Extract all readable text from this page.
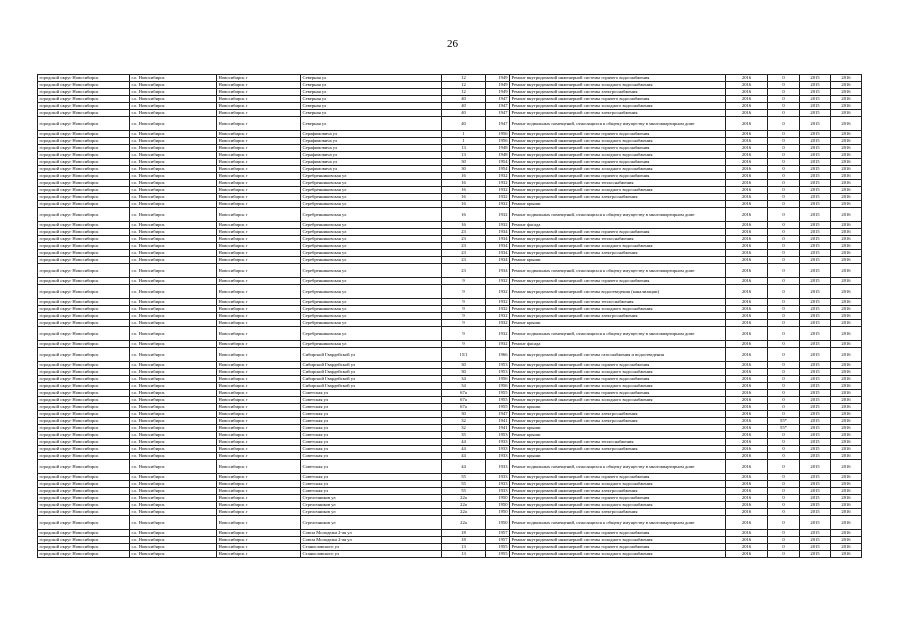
26
городской округ Новосибирск	г.о. Новосибирск	Новосибирск г	Северная ул	12	1949	Ремонт внутридомовой инженерной системы горячего водоснабжения	2016	0	2015	2016
городской округ Новосибирск	г.о. Новосибирск	Новосибирск г	Северная ул	12	1949	Ремонт внутридомовой инженерной системы холодного водоснабжения	2016	0	2015	2016
городской округ Новосибирск	г.о. Новосибирск	Новосибирск г	Северная ул	12	1949	Ремонт внутридомовой инженерной системы электроснабжения	2016	0	2015	2016
городской округ Новосибирск	г.о. Новосибирск	Новосибирск г	Северная ул	40	1947	Ремонт внутридомовой инженерной системы горячего водоснабжения	2016	0	2015	2016
городской округ Новосибирск	г.о. Новосибирск	Новосибирск г	Северная ул	40	1947	Ремонт внутридомовой инженерной системы холодного водоснабжения	2016	0	2015	2016
городской округ Новосибирск	г.о. Новосибирск	Новосибирск г	Северная ул	40	1947	Ремонт внутридомовой инженерной системы электроснабжения	2016	0	2015	2016
городской округ Новосибирск	г.о. Новосибирск	Новосибирск г	Северная ул	40	1947	Ремонт подвальных помещений, относящихся к общему имуществу в многоквартирном доме	2016	0	2015	2016
городской округ Новосибирск	г.о. Новосибирск	Новосибирск г	Серафимовича ул	1	1956	Ремонт внутридомовой инженерной системы горячего водоснабжения	2016	0	2015	2016
городской округ Новосибирск	г.о. Новосибирск	Новосибирск г	Серафимовича ул	1	1956	Ремонт внутридомовой инженерной системы холодного водоснабжения	2016	0	2015	2016
городской округ Новосибирск	г.о. Новосибирск	Новосибирск г	Серафимовича ул	13	1948	Ремонт внутридомовой инженерной системы горячего водоснабжения	2016	0	2015	2016
городской округ Новосибирск	г.о. Новосибирск	Новосибирск г	Серафимовича ул	13	1948	Ремонт внутридомовой инженерной системы холодного водоснабжения	2016	0	2015	2016
городской округ Новосибирск	г.о. Новосибирск	Новосибирск г	Серафимовича ул	30	1954	Ремонт внутридомовой инженерной системы горячего водоснабжения	2016	0	2015	2016
городской округ Новосибирск	г.о. Новосибирск	Новосибирск г	Серафимовича ул	30	1954	Ремонт внутридомовой инженерной системы холодного водоснабжения	2016	0	2015	2016
городской округ Новосибирск	г.о. Новосибирск	Новосибирск г	Серебренниковская ул	16	1932	Ремонт внутридомовой инженерной системы горячего водоснабжения	2016	0	2015	2016
городской округ Новосибирск	г.о. Новосибирск	Новосибирск г	Серебренниковская ул	16	1932	Ремонт внутридомовой инженерной системы теплоснабжения	2016	0	2015	2016
городской округ Новосибирск	г.о. Новосибирск	Новосибирск г	Серебренниковская ул	16	1932	Ремонт внутридомовой инженерной системы холодного водоснабжения	2016	0	2015	2016
городской округ Новосибирск	г.о. Новосибирск	Новосибирск г	Серебренниковская ул	16	1932	Ремонт внутридомовой инженерной системы электроснабжения	2016	0	2015	2016
городской округ Новосибирск	г.о. Новосибирск	Новосибирск г	Серебренниковская ул	16	1932	Ремонт крыши	2016	0	2015	2016
городской округ Новосибирск	г.о. Новосибирск	Новосибирск г	Серебренниковская ул	16	1932	Ремонт подвальных помещений, относящихся к общему имуществу в многоквартирном доме	2016	0	2015	2016
городской округ Новосибирск	г.о. Новосибирск	Новосибирск г	Серебренниковская ул	16	1932	Ремонт фасада	2016	0	2015	2016
городской округ Новосибирск	г.о. Новосибирск	Новосибирск г	Серебренниковская ул	23	1934	Ремонт внутридомовой инженерной системы горячего водоснабжения	2016	0	2015	2016
городской округ Новосибирск	г.о. Новосибирск	Новосибирск г	Серебренниковская ул	23	1934	Ремонт внутридомовой инженерной системы теплоснабжения	2016	0	2015	2016
городской округ Новосибирск	г.о. Новосибирск	Новосибирск г	Серебренниковская ул	23	1934	Ремонт внутридомовой инженерной системы холодного водоснабжения	2016	0	2015	2016
городской округ Новосибирск	г.о. Новосибирск	Новосибирск г	Серебренниковская ул	23	1934	Ремонт внутридомовой инженерной системы электроснабжения	2016	0	2015	2016
городской округ Новосибирск	г.о. Новосибирск	Новосибирск г	Серебренниковская ул	23	1934	Ремонт крыши	2016	0	2015	2016
городской округ Новосибирск	г.о. Новосибирск	Новосибирск г	Серебренниковская ул	23	1934	Ремонт подвальных помещений, относящихся к общему имуществу в многоквартирном доме	2016	0	2015	2016
городской округ Новосибирск	г.о. Новосибирск	Новосибирск г	Серебренниковская ул	9	1932	Ремонт внутридомовой инженерной системы горячего водоснабжения	2016	0	2015	2016
городской округ Новосибирск	г.о. Новосибирск	Новосибирск г	Серебренниковская ул	9	1932	Ремонт внутридомовой инженерной системы водоотведения (канализации)	2016	0	2015	2016
городской округ Новосибирск	г.о. Новосибирск	Новосибирск г	Серебренниковская ул	9	1932	Ремонт внутридомовой инженерной системы теплоснабжения	2016	0	2015	2016
городской округ Новосибирск	г.о. Новосибирск	Новосибирск г	Серебренниковская ул	9	1932	Ремонт внутридомовой инженерной системы холодного водоснабжения	2016	0	2015	2016
городской округ Новосибирск	г.о. Новосибирск	Новосибирск г	Серебренниковская ул	9	1932	Ремонт внутридомовой инженерной системы электроснабжения	2016	0	2015	2016
городской округ Новосибирск	г.о. Новосибирск	Новосибирск г	Серебренниковская ул	9	1932	Ремонт крыши	2016	0	2015	2016
городской округ Новосибирск	г.о. Новосибирск	Новосибирск г	Серебренниковская ул	9	1932	Ремонт подвальных помещений, относящихся к общему имуществу в многоквартирном доме	2016	0	2015	2016
городской округ Новосибирск	г.о. Новосибирск	Новосибирск г	Серебренниковская ул	9	1932	Ремонт фасада	2016	0	2015	2016
городской округ Новосибирск	г.о. Новосибирск	Новосибирск г	Сибирской Гвардейской ул	15/1	1966	Ремонт внутридомовой инженерной системы газоснабжения и водоотведения	2016	0	2015	2016
городской округ Новосибирск	г.о. Новосибирск	Новосибирск г	Сибирской Гвардейской ул	30	1953	Ремонт внутридомовой инженерной системы горячего водоснабжения	2016	0	2015	2016
городской округ Новосибирск	г.о. Новосибирск	Новосибирск г	Сибирской Гвардейской ул	30	1953	Ремонт внутридомовой инженерной системы холодного водоснабжения	2016	0	2015	2016
городской округ Новосибирск	г.о. Новосибирск	Новосибирск г	Сибирской Гвардейской ул	34	1956	Ремонт внутридомовой инженерной системы горячего водоснабжения	2016	0	2015	2016
городской округ Новосибирск	г.о. Новосибирск	Новосибирск г	Сибирской Гвардейской ул	34	1956	Ремонт внутридомовой инженерной системы холодного водоснабжения	2016	0	2015	2016
городской округ Новосибирск	г.о. Новосибирск	Новосибирск г	Советская ул	67а	1955	Ремонт внутридомовой инженерной системы горячего водоснабжения	2016	0	2015	2016
городской округ Новосибирск	г.о. Новосибирск	Новосибирск г	Советская ул	67а	1955	Ремонт внутридомовой инженерной системы холодного водоснабжения	2016	0	2015	2016
городской округ Новосибирск	г.о. Новосибирск	Новосибирск г	Советская ул	67а	1955	Ремонт крыши	2016	0	2015	2016
городской округ Новосибирск	г.о. Новосибирск	Новосибирск г	Советская ул	30	1947	Ремонт внутридомовой инженерной системы электроснабжения	2016	0	2015	2016
городской округ Новосибирск	г.о. Новосибирск	Новосибирск г	Советская ул	32	1941	Ремонт внутридомовой инженерной системы электроснабжения	2016	55*	2015	2016
городской округ Новосибирск	г.о. Новосибирск	Новосибирск г	Советская ул	32	1941	Ремонт крыши	2016	55*	2015	2016
городской округ Новосибирск	г.о. Новосибирск	Новосибирск г	Советская ул	35	1953	Ремонт крыши	2016	0	2015	2016
городской округ Новосибирск	г.о. Новосибирск	Новосибирск г	Советская ул	44	1933	Ремонт внутридомовой инженерной системы теплоснабжения	2016	0	2015	2016
городской округ Новосибирск	г.о. Новосибирск	Новосибирск г	Советская ул	44	1933	Ремонт внутридомовой инженерной системы электроснабжения	2016	0	2015	2016
городской округ Новосибирск	г.о. Новосибирск	Новосибирск г	Советская ул	44	1933	Ремонт крыши	2016	0	2015	2016
городской округ Новосибирск	г.о. Новосибирск	Новосибирск г	Советская ул	44	1933	Ремонт подвальных помещений, относящихся к общему имуществу в многоквартирном доме	2016	0	2015	2016
городской округ Новосибирск	г.о. Новосибирск	Новосибирск г	Советская ул	55	1933	Ремонт внутридомовой инженерной системы горячего водоснабжения	2016	0	2015	2016
городской округ Новосибирск	г.о. Новосибирск	Новосибирск г	Советская ул	55	1933	Ремонт внутридомовой инженерной системы холодного водоснабжения	2016	0	2015	2016
городской округ Новосибирск	г.о. Новосибирск	Новосибирск г	Советская ул	55	1933	Ремонт внутридомовой инженерной системы электроснабжения	2016	0	2015	2016
городской округ Новосибирск	г.о. Новосибирск	Новосибирск г	Стрелочников ул	22а	1950	Ремонт внутридомовой инженерной системы горячего водоснабжения	2016	0	2015	2016
городской округ Новосибирск	г.о. Новосибирск	Новосибирск г	Стрелочников ул	22а	1950	Ремонт внутридомовой инженерной системы холодного водоснабжения	2016	0	2015	2016
городской округ Новосибирск	г.о. Новосибирск	Новосибирск г	Стрелочников ул	22а	1950	Ремонт внутридомовой инженерной системы электроснабжения	2016	0	2015	2016
городской округ Новосибирск	г.о. Новосибирск	Новосибирск г	Стрелочников ул	22а	1950	Ремонт подвальных помещений, относящихся к общему имуществу в многоквартирном доме	2016	0	2015	2016
городской округ Новосибирск	г.о. Новосибирск	Новосибирск г	Союза Молодежи 2-ая ул	18	1957	Ремонт внутридомовой инженерной системы горячего водоснабжения	2016	0	2015	2016
городской округ Новосибирск	г.о. Новосибирск	Новосибирск г	Союза Молодежи 2-ая ул	18	1957	Ремонт внутридомовой инженерной системы холодного водоснабжения	2016	0	2015	2016
городской округ Новосибирск	г.о. Новосибирск	Новосибирск г	Станиславского ул	13	1955	Ремонт внутридомовой инженерной системы горячего водоснабжения	2016	0	2015	2016
городской округ Новосибирск	г.о. Новосибирск	Новосибирск г	Станиславского ул	13	1955	Ремонт внутридомовой инженерной системы холодного водоснабжения	2016	0	2015	2016
